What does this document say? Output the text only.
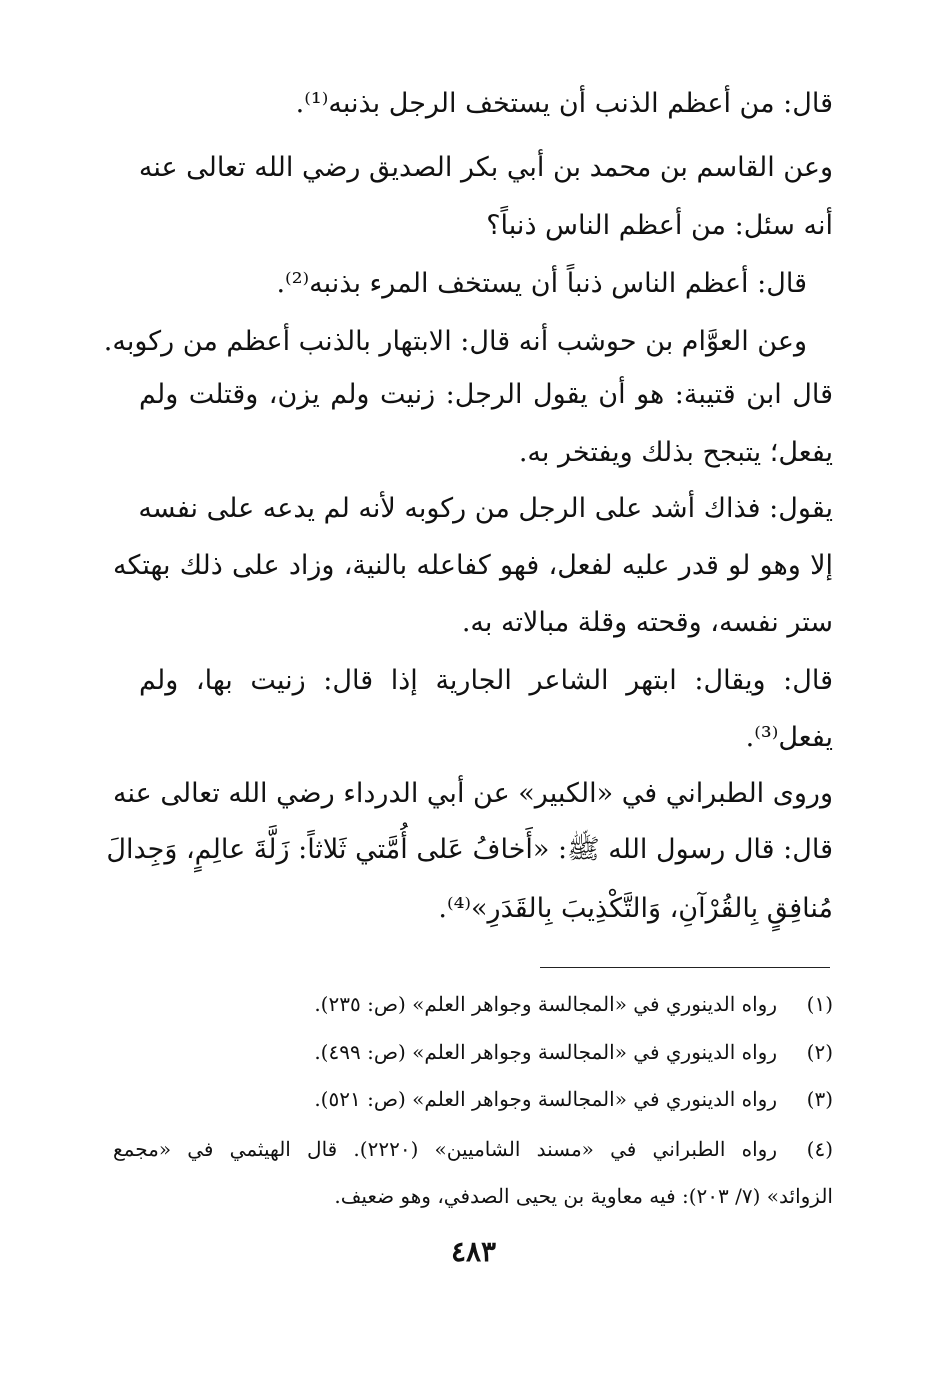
قال: من أعظم الذنب أن يستخف الرجل بذنبه⁽¹⁾.
وعن القاسم بن محمد بن أبي بكر الصديق رضي الله تعالى عنه
أنه سئل: من أعظم الناس ذنباً؟
قال: أعظم الناس ذنباً أن يستخف المرء بذنبه⁽²⁾.
وعن العوَّام بن حوشب أنه قال: الابتهار بالذنب أعظم من ركوبه.
قال ابن قتيبة: هو أن يقول الرجل: زنيت ولم يزن، وقتلت ولم
يفعل؛ يتبجح بذلك ويفتخر به.
يقول: فذاك أشد على الرجل من ركوبه لأنه لم يدعه على نفسه
إلا وهو لو قدر عليه لفعل، فهو كفاعله بالنية، وزاد على ذلك بهتكه
ستر نفسه، وقحته وقلة مبالاته به.
قال: ويقال: ابتهر الشاعر الجارية إذا قال: زنيت بها، ولم
يفعل⁽³⁾.
وروى الطبراني في «الكبير» عن أبي الدرداء رضي الله تعالى عنه
قال: قال رسول الله ﷺ: «أَخافُ عَلى أُمَّتي ثَلاثاً: زَلَّةَ عالِمٍ، وَجِدالَ
مُنافِقٍ بِالقُرْآنِ، وَالتَّكْذِيبَ بِالقَدَرِ»⁽⁴⁾.
(١)رواه الدينوري في «المجالسة وجواهر العلم» (ص: ٢٣٥).
(٢)رواه الدينوري في «المجالسة وجواهر العلم» (ص: ٤٩٩).
(٣)رواه الدينوري في «المجالسة وجواهر العلم» (ص: ٥٢١).
(٤)رواه الطبراني في «مسند الشاميين» (٢٢٢٠). قال الهيثمي في «مجمع
الزوائد» (٧/ ٢٠٣): فيه معاوية بن يحيى الصدفي، وهو ضعيف.
٤٨٣
